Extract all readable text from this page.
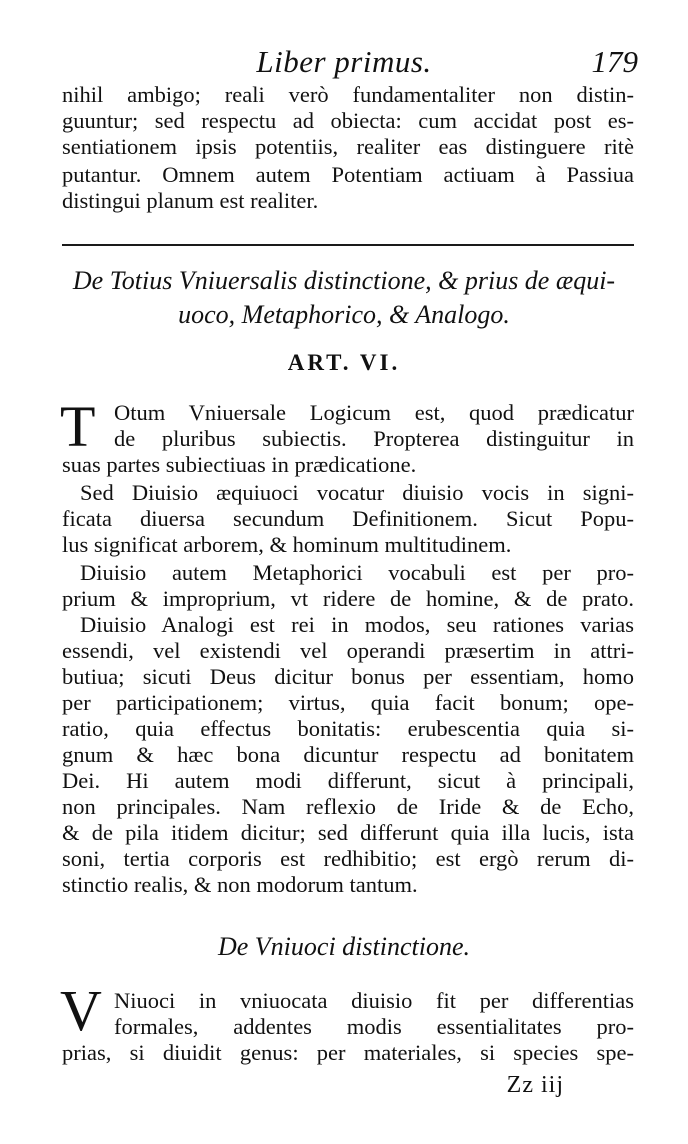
Liber primus.	179
nihil ambigo; reali verò fundamentaliter non distin-
guuntur; sed respectu ad obiecta: cum accidat post es-
sentiationem ipsis potentiis, realiter eas distinguere ritè
putantur. Omnem autem Potentiam actiuam à Passiua
distingui planum est realiter.
De Totius Vniuersalis distinctione, & prius de æqui-
uoco, Metaphorico, & Analogo.
ART. VI.
T Otum Vniuersale Logicum est, quod prædicatur
de pluribus subiectis. Propterea distinguitur in
suas partes subiectiuas in prædicatione.
Sed Diuisio æquiuoci vocatur diuisio vocis in signi-
ficata diuersa secundum Definitionem. Sicut Popu-
lus significat arborem, & hominum multitudinem.
Diuisio autem Metaphorici vocabuli est per pro-
prium & improprium, vt ridere de homine, & de prato.
Diuisio Analogi est rei in modos, seu rationes varias
essendi, vel existendi vel operandi præsertim in attri-
butiua; sicuti Deus dicitur bonus per essentiam, homo
per participationem; virtus, quia facit bonum; ope-
ratio, quia effectus bonitatis: erubescentia quia si-
gnum & hæc bona dicuntur respectu ad bonitatem
Dei. Hi autem modi differunt, sicut à principali,
non principales. Nam reflexio de Iride & de Echo,
& de pila itidem dicitur; sed differunt quia illa lucis, ista
soni, tertia corporis est redhibitio; est ergò rerum di-
stinctio realis, & non modorum tantum.
De Vniuoci distinctione.
V Niuoci in vniuocata diuisio fit per differentias
formales, addentes modis essentialitates pro-
prias, si diuidit genus: per materiales, si species spe-
Zz iij
